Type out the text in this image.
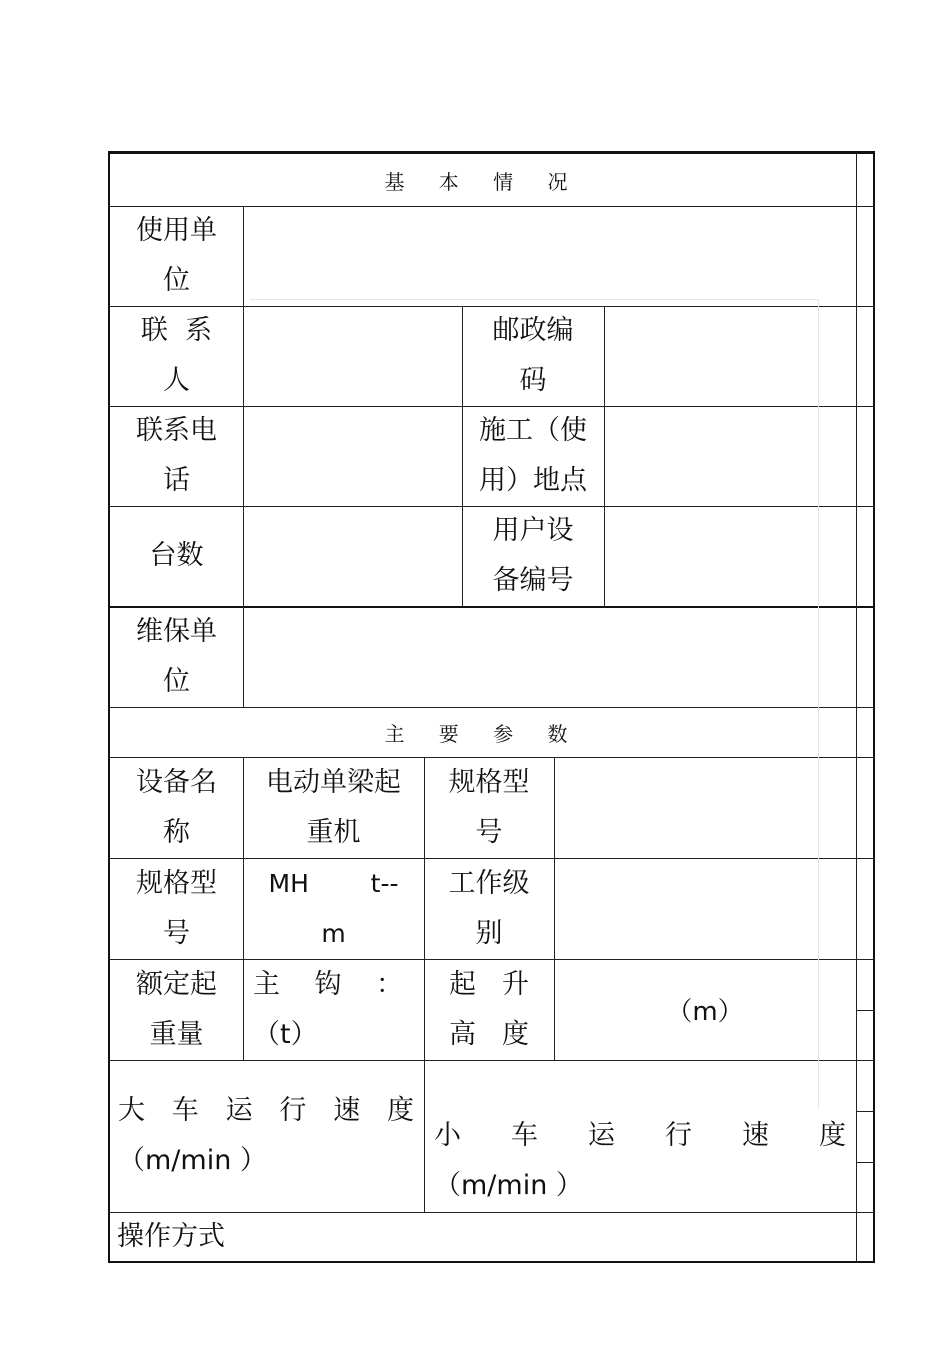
基 本 情 况
使用单
位
联  系
人
邮政编
码
联系电
话
施工（使
用）地点
台数
用户设
备编号
维保单
位
主 要 参 数
设备名
称
电动单梁起
重机
规格型
号
规格型
号
MH t--
m
工作级
别
额定起
重量
主 钩 ：
（t）
起 升
高 度
（m）
大 车 运 行 速 度
（m/min ）
小 车 运 行 速 度
（m/min ）
操作方式
